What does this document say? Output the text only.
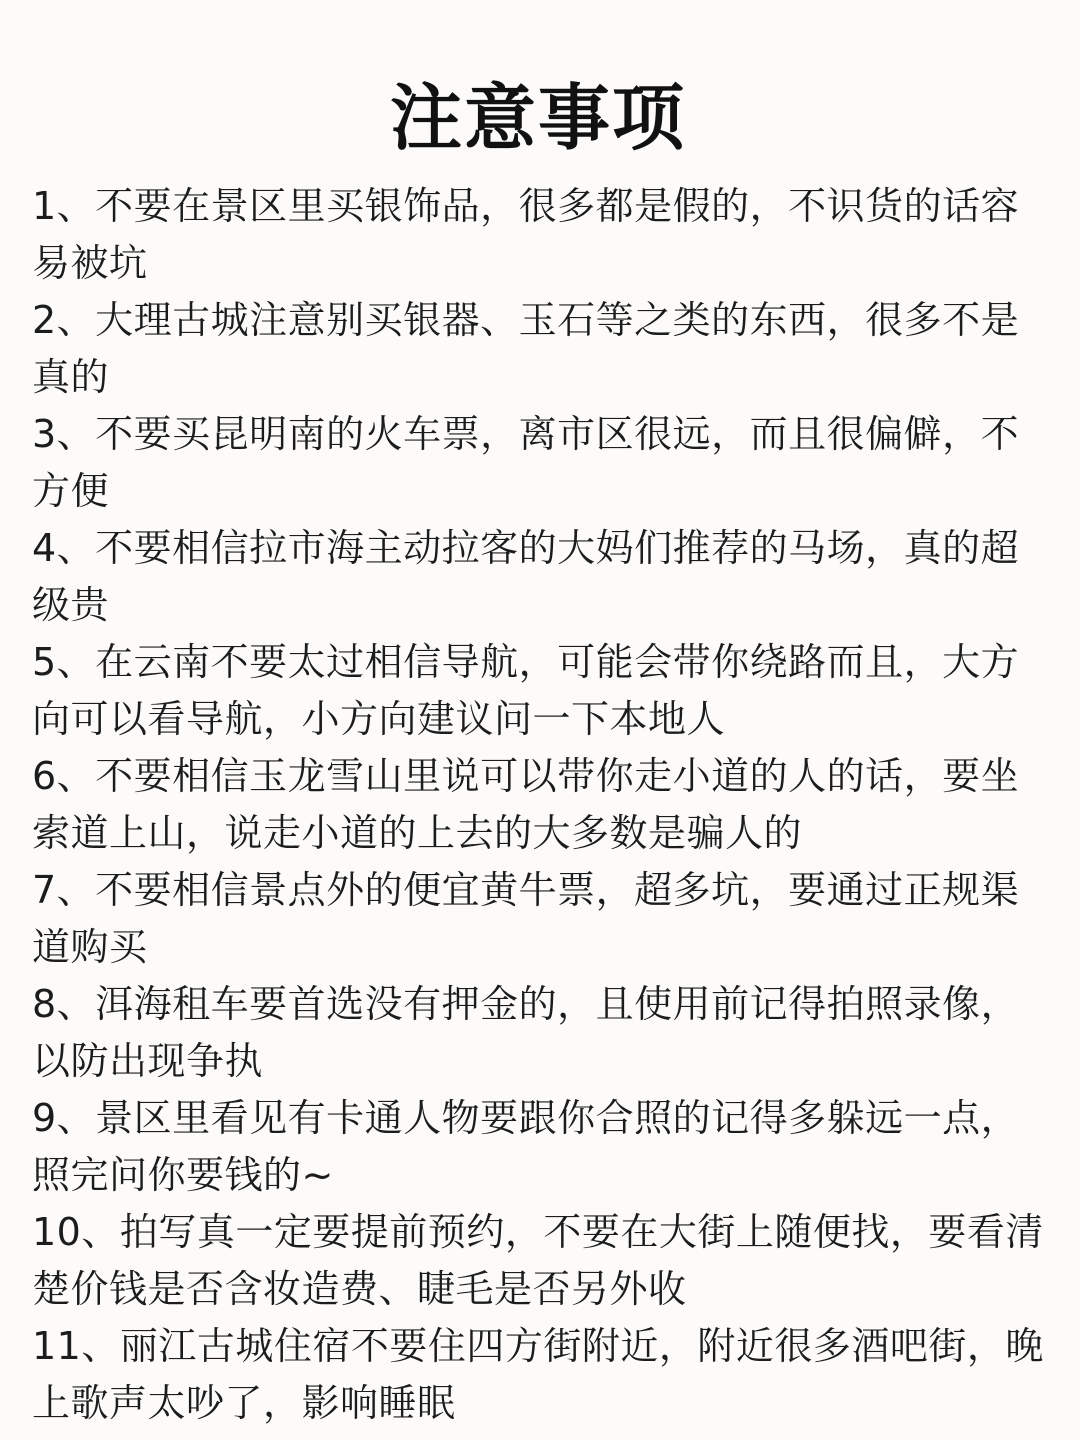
注意事项
1、不要在景区里买银饰品，很多都是假的，不识货的话容易被坑
2、大理古城注意别买银器、玉石等之类的东西，很多不是真的
3、不要买昆明南的火车票，离市区很远，而且很偏僻，不方便
4、不要相信拉市海主动拉客的大妈们推荐的马场，真的超级贵
5、在云南不要太过相信导航，可能会带你绕路而且，大方向可以看导航，小方向建议问一下本地人
6、不要相信玉龙雪山里说可以带你走小道的人的话，要坐索道上山，说走小道的上去的大多数是骗人的
7、不要相信景点外的便宜黄牛票，超多坑，要通过正规渠道购买
8、洱海租车要首选没有押金的，且使用前记得拍照录像，以防出现争执
9、景区里看见有卡通人物要跟你合照的记得多躲远一点，照完问你要钱的~
10、拍写真一定要提前预约，不要在大街上随便找，要看清楚价钱是否含妆造费、睫毛是否另外收
11、丽江古城住宿不要住四方街附近，附近很多酒吧街，晚上歌声太吵了，影响睡眠
